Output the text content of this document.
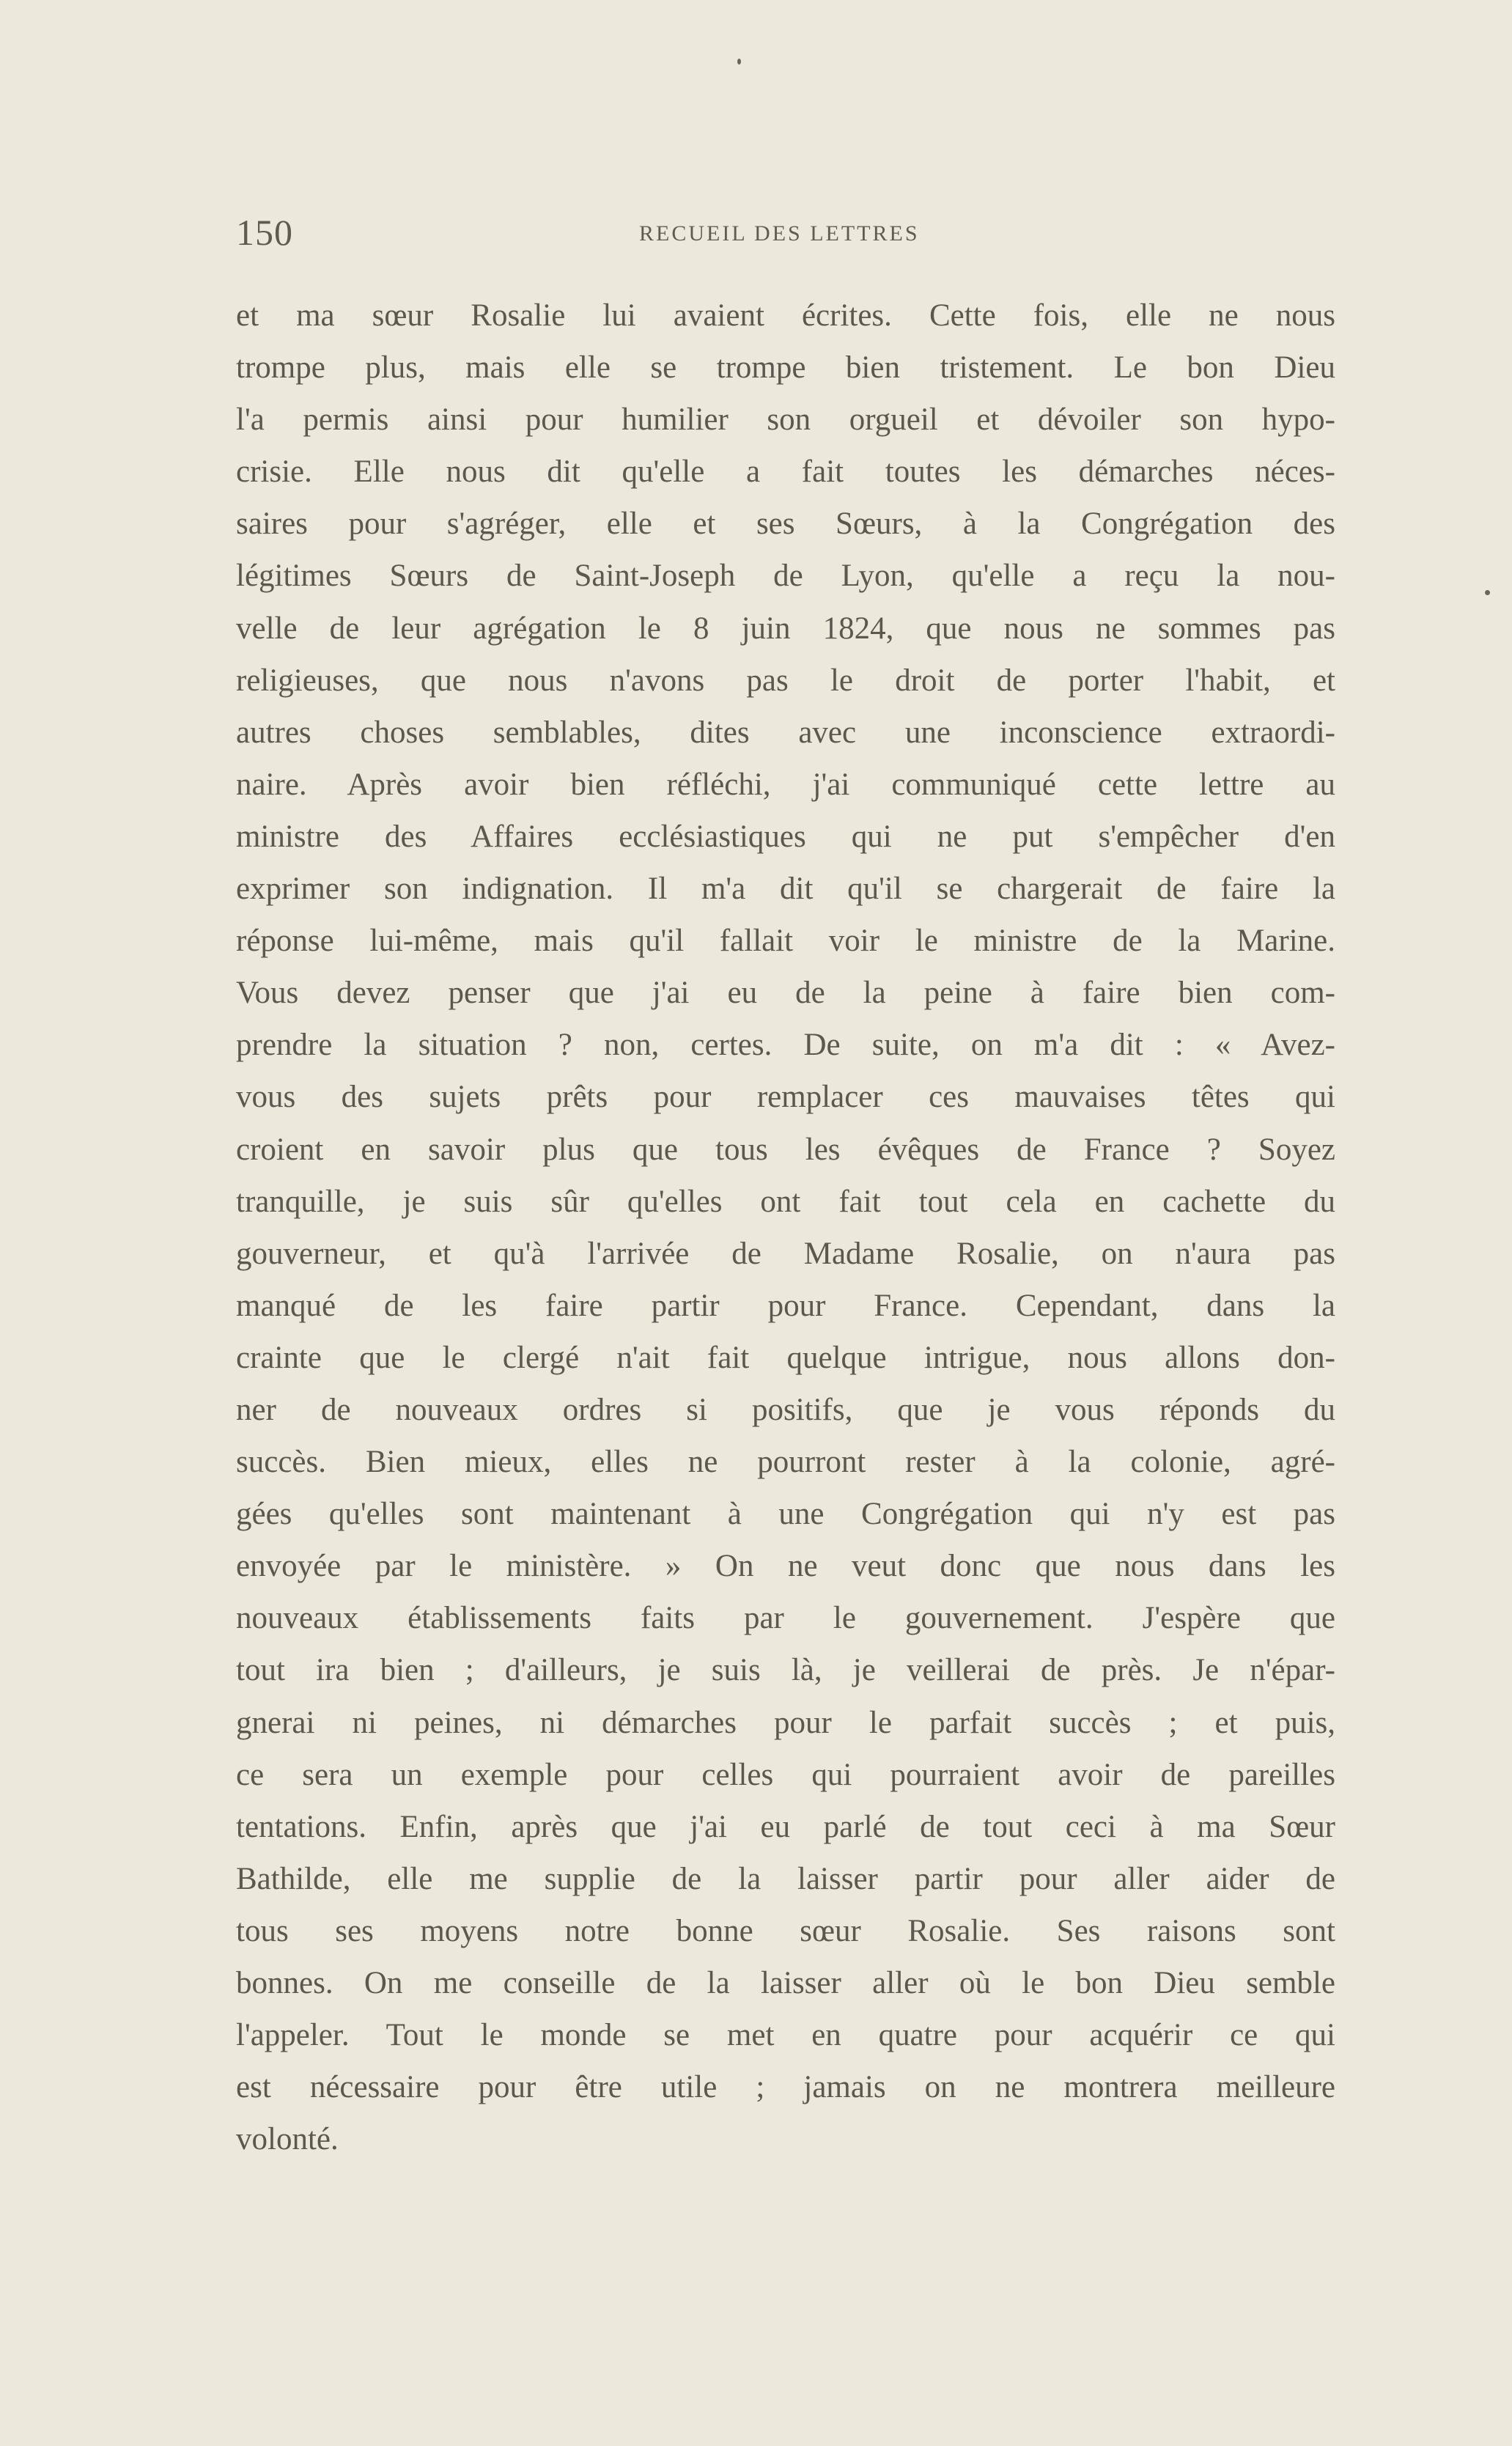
150	RECUEIL DES LETTRES
et ma sœur Rosalie lui avaient écrites. Cette fois, elle ne nous
trompe plus, mais elle se trompe bien tristement. Le bon Dieu
l'a permis ainsi pour humilier son orgueil et dévoiler son hypo-
crisie. Elle nous dit qu'elle a fait toutes les démarches néces-
saires pour s'agréger, elle et ses Sœurs, à la Congrégation des
légitimes Sœurs de Saint-Joseph de Lyon, qu'elle a reçu la nou-
velle de leur agrégation le 8 juin 1824, que nous ne sommes pas
religieuses, que nous n'avons pas le droit de porter l'habit, et
autres choses semblables, dites avec une inconscience extraordi-
naire. Après avoir bien réfléchi, j'ai communiqué cette lettre au
ministre des Affaires ecclésiastiques qui ne put s'empêcher d'en
exprimer son indignation. Il m'a dit qu'il se chargerait de faire la
réponse lui-même, mais qu'il fallait voir le ministre de la Marine.
Vous devez penser que j'ai eu de la peine à faire bien com-
prendre la situation ? non, certes. De suite, on m'a dit : « Avez-
vous des sujets prêts pour remplacer ces mauvaises têtes qui
croient en savoir plus que tous les évêques de France ? Soyez
tranquille, je suis sûr qu'elles ont fait tout cela en cachette du
gouverneur, et qu'à l'arrivée de Madame Rosalie, on n'aura pas
manqué de les faire partir pour France. Cependant, dans la
crainte que le clergé n'ait fait quelque intrigue, nous allons don-
ner de nouveaux ordres si positifs, que je vous réponds du
succès. Bien mieux, elles ne pourront rester à la colonie, agré-
gées qu'elles sont maintenant à une Congrégation qui n'y est pas
envoyée par le ministère. » On ne veut donc que nous dans les
nouveaux établissements faits par le gouvernement. J'espère que
tout ira bien ; d'ailleurs, je suis là, je veillerai de près. Je n'épar-
gnerai ni peines, ni démarches pour le parfait succès ; et puis,
ce sera un exemple pour celles qui pourraient avoir de pareilles
tentations. Enfin, après que j'ai eu parlé de tout ceci à ma Sœur
Bathilde, elle me supplie de la laisser partir pour aller aider de
tous ses moyens notre bonne sœur Rosalie. Ses raisons sont
bonnes. On me conseille de la laisser aller où le bon Dieu semble
l'appeler. Tout le monde se met en quatre pour acquérir ce qui
est nécessaire pour être utile ; jamais on ne montrera meilleure
volonté.
